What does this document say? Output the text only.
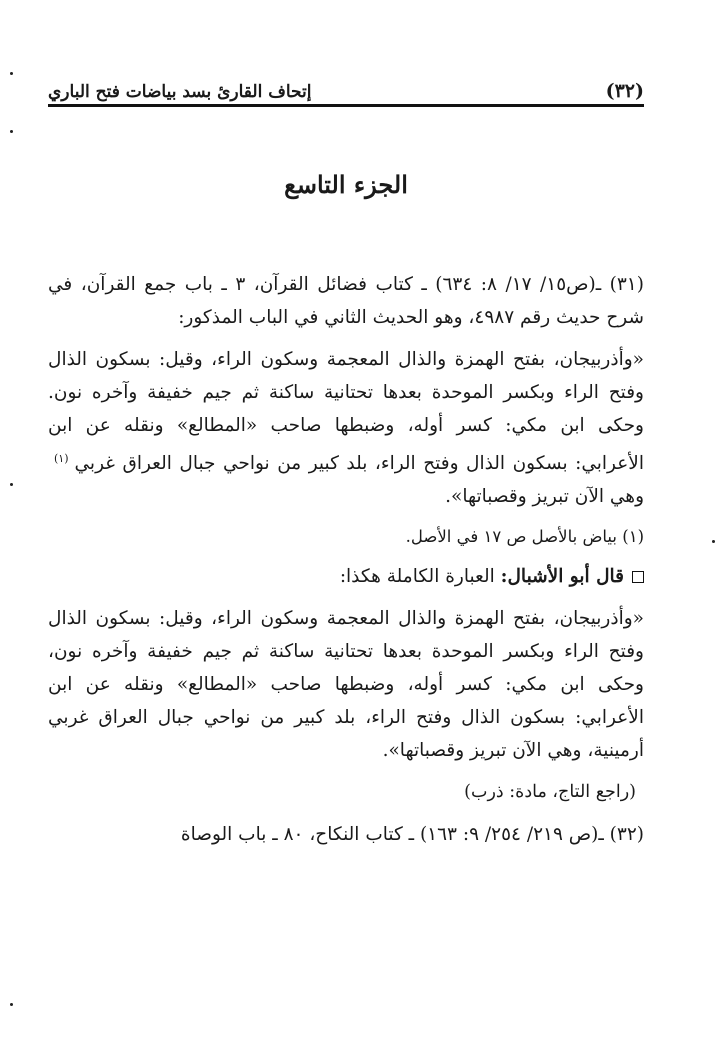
إتحاف القارئ بسد بياضات فتح الباري	(٣٢)
الجزء التاسع

(٣١) ـ(ص١٥/ ١٧/ ٨: ٦٣٤) ـ كتاب فضائل القرآن، ٣ ـ باب جمع القرآن، في شرح حديث رقم ٤٩٨٧، وهو الحديث الثاني في الباب المذكور:

«وأذربيجان، بفتح الهمزة والذال المعجمة وسكون الراء، وقيل: بسكون الذال وفتح الراء وبكسر الموحدة بعدها تحتانية ساكنة ثم جيم خفيفة وآخره نون. وحكى ابن مكي: كسر أوله، وضبطها صاحب «المطالع» ونقله عن ابن الأعرابي: بسكون الذال وفتح الراء، بلد كبير من نواحي جبال العراق غربي$^{(١)}$ وهي الآن تبريز وقصباتها».

(١) بياض بالأصل ص ١٧ في الأصل.

قال أبو الأشبال: العبارة الكاملة هكذا:

«وأذربيجان، بفتح الهمزة والذال المعجمة وسكون الراء، وقيل: بسكون الذال وفتح الراء وبكسر الموحدة بعدها تحتانية ساكنة ثم جيم خفيفة وآخره نون، وحكى ابن مكي: كسر أوله، وضبطها صاحب «المطالع» ونقله عن ابن الأعرابي: بسكون الذال وفتح الراء، بلد كبير من نواحي جبال العراق غربي أرمينية، وهي الآن تبريز وقصباتها».

(راجع التاج، مادة: ذرب)

(٣٢) ـ(ص ٢١٩/ ٢٥٤/ ٩: ١٦٣) ـ كتاب النكاح، ٨٠ ـ باب الوصاة
